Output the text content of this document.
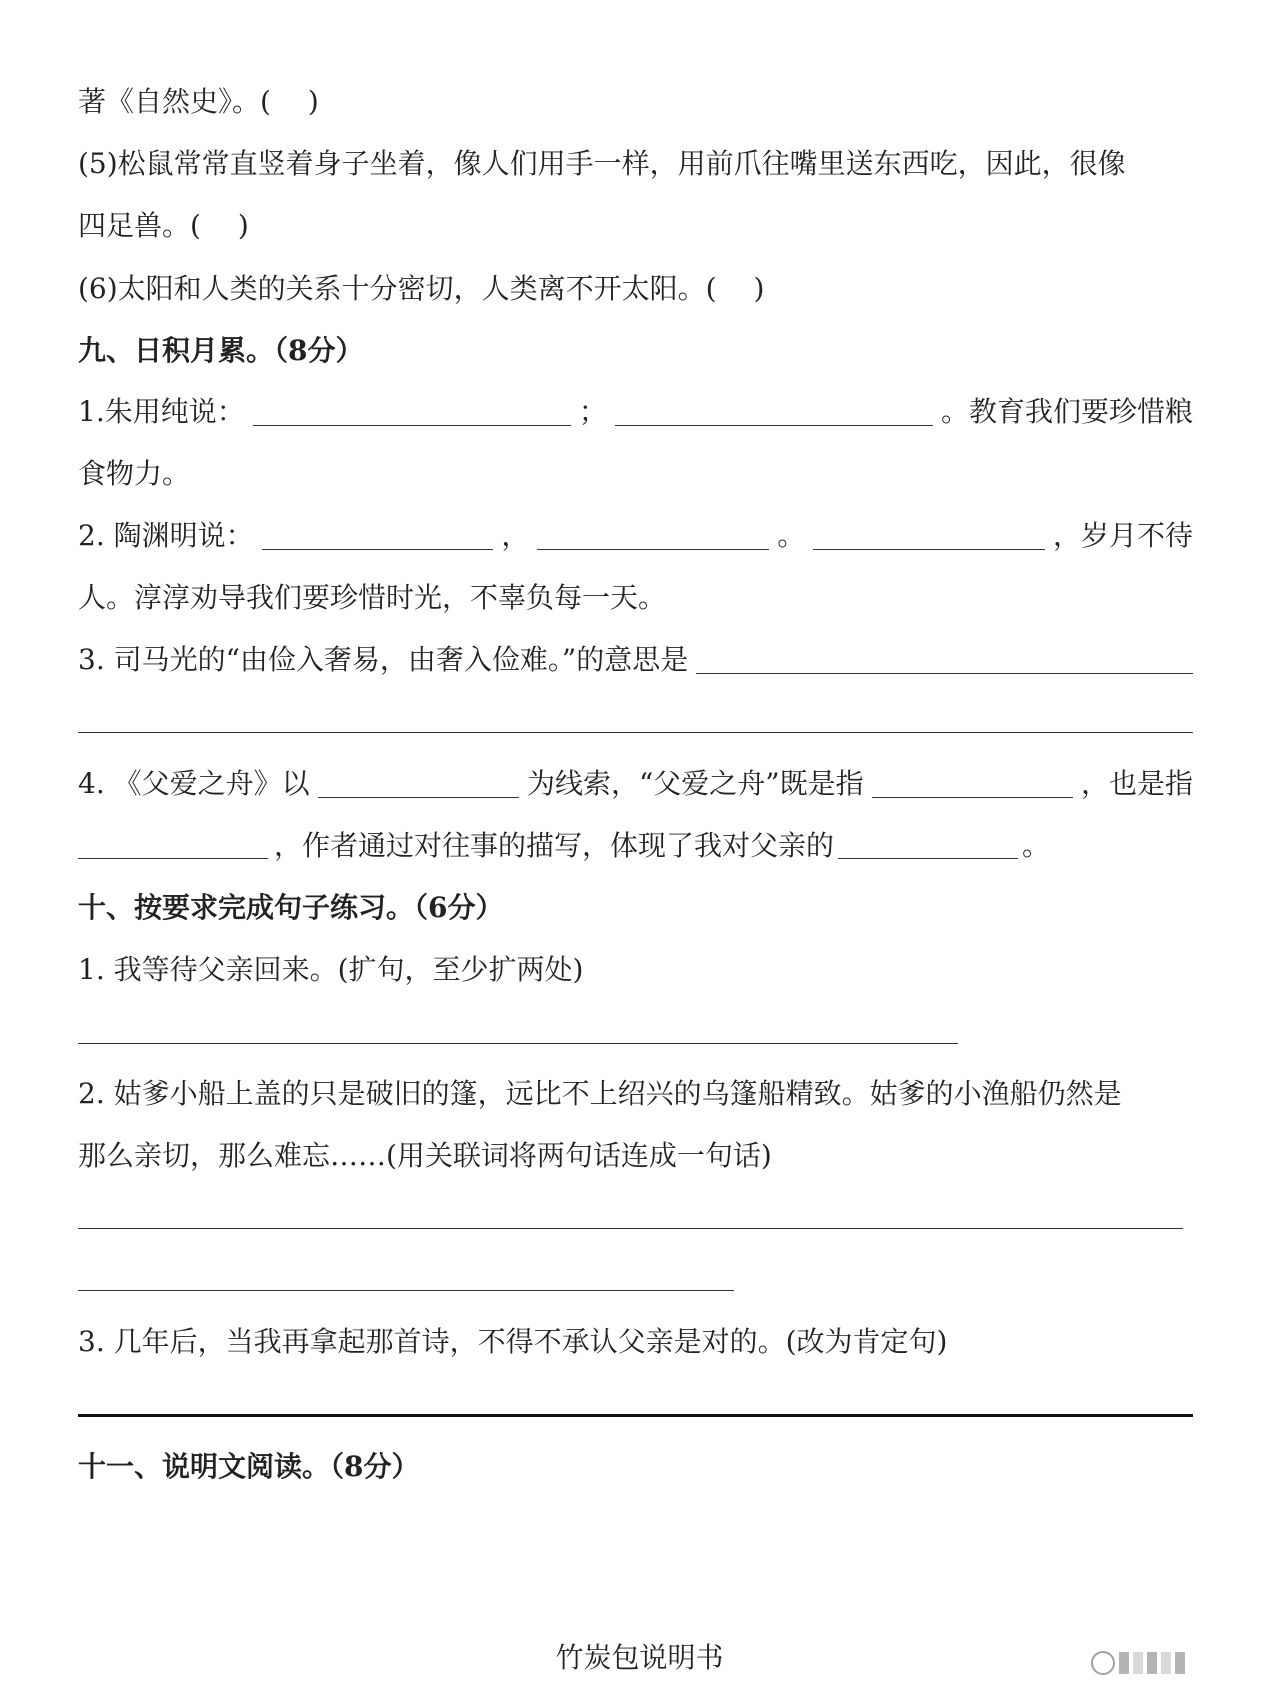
著《自然史》。(　 )
(5)松鼠常常直竖着身子坐着，像人们用手一样，用前爪往嘴里送东西吃，因此，很像
四足兽。(　 )
(6)太阳和人类的关系十分密切，人类离不开太阳。(　 )
九、日积月累。（8分）
1.朱用纯说：	；	。教育我们要珍惜粮
食物力。
2. 陶渊明说：	，	。	，岁月不待
人。淳淳劝导我们要珍惜时光，不辜负每一天。
3. 司马光的“由俭入奢易，由奢入俭难。”的意思是
4. 《父爱之舟》以	为线索，“父爱之舟”既是指	，也是指
，作者通过对往事的描写，体现了我对父亲的	。
十、按要求完成句子练习。（6分）
1. 我等待父亲回来。(扩句，至少扩两处)
2. 姑爹小船上盖的只是破旧的篷，远比不上绍兴的乌篷船精致。姑爹的小渔船仍然是
那么亲切，那么难忘……(用关联词将两句话连成一句话)
3. 几年后，当我再拿起那首诗，不得不承认父亲是对的。(改为肯定句)
十一、说明文阅读。（8分）
竹炭包说明书
